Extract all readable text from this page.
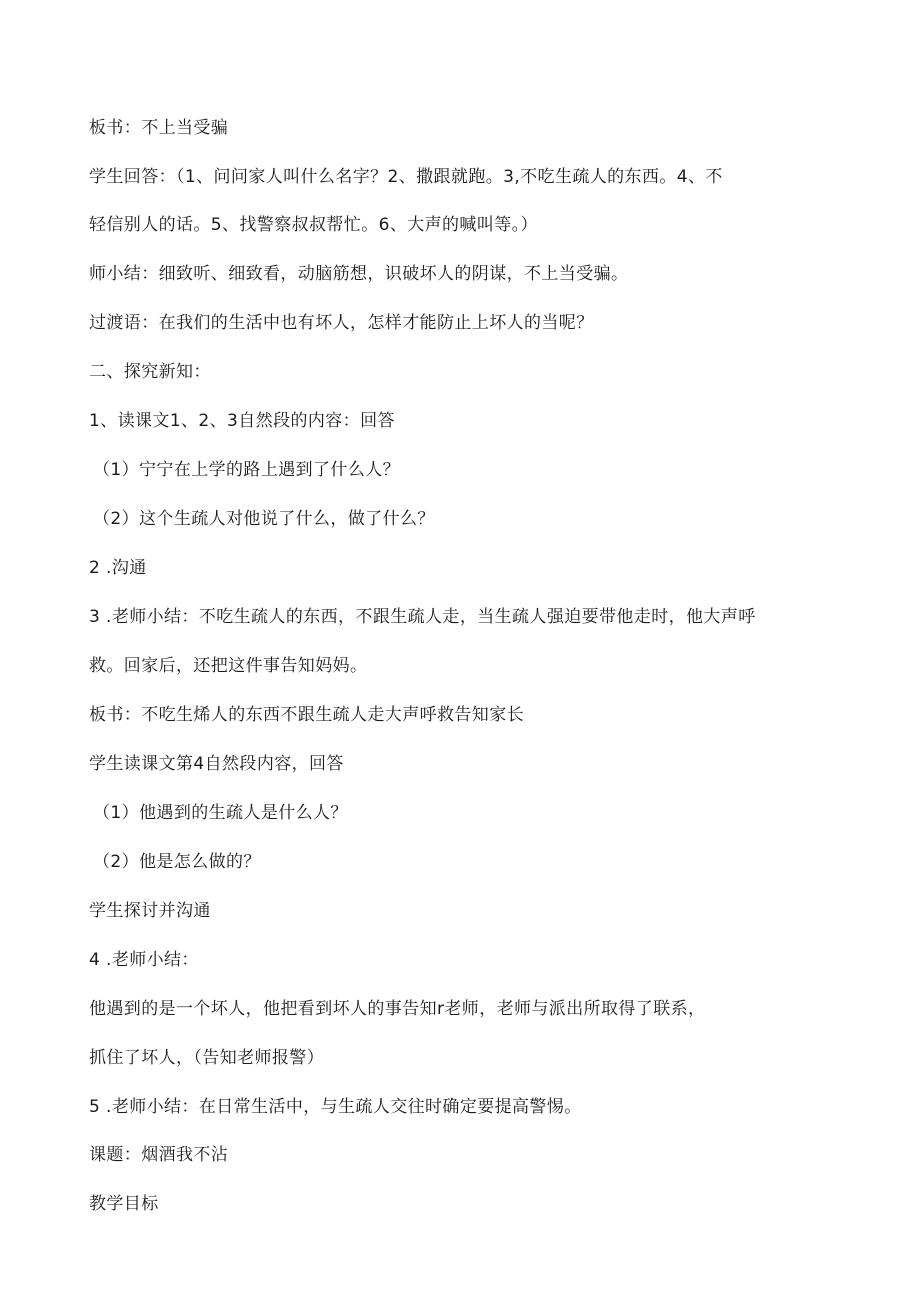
板书：不上当受骗
学生回答：（1、问问家人叫什么名字？2、撒跟就跑。3,不吃生疏人的东西。4、不
轻信别人的话。5、找警察叔叔帮忙。6、大声的喊叫等。）
师小结：细致听、细致看，动脑筋想，识破坏人的阴谋，不上当受骗。
过渡语：在我们的生活中也有坏人，怎样才能防止上坏人的当呢？
二、探究新知：
1、读课文1、2、3自然段的内容：回答
（1）宁宁在上学的路上遇到了什么人？
（2）这个生疏人对他说了什么，做了什么？
2 .沟通
3 .老师小结：不吃生疏人的东西，不跟生疏人走，当生疏人强迫要带他走时，他大声呼
救。回家后，还把这件事告知妈妈。
板书：不吃生烯人的东西不跟生疏人走大声呼救告知家长
学生读课文第4自然段内容，回答
（1）他遇到的生疏人是什么人？
（2）他是怎么做的？
学生探讨并沟通
4 .老师小结：
他遇到的是一个坏人，他把看到坏人的事告知r老师，老师与派出所取得了联系，
抓住了坏人，（告知老师报警）
5 .老师小结：在日常生活中，与生疏人交往时确定要提高警惕。
课题：烟酒我不沾
教学目标
